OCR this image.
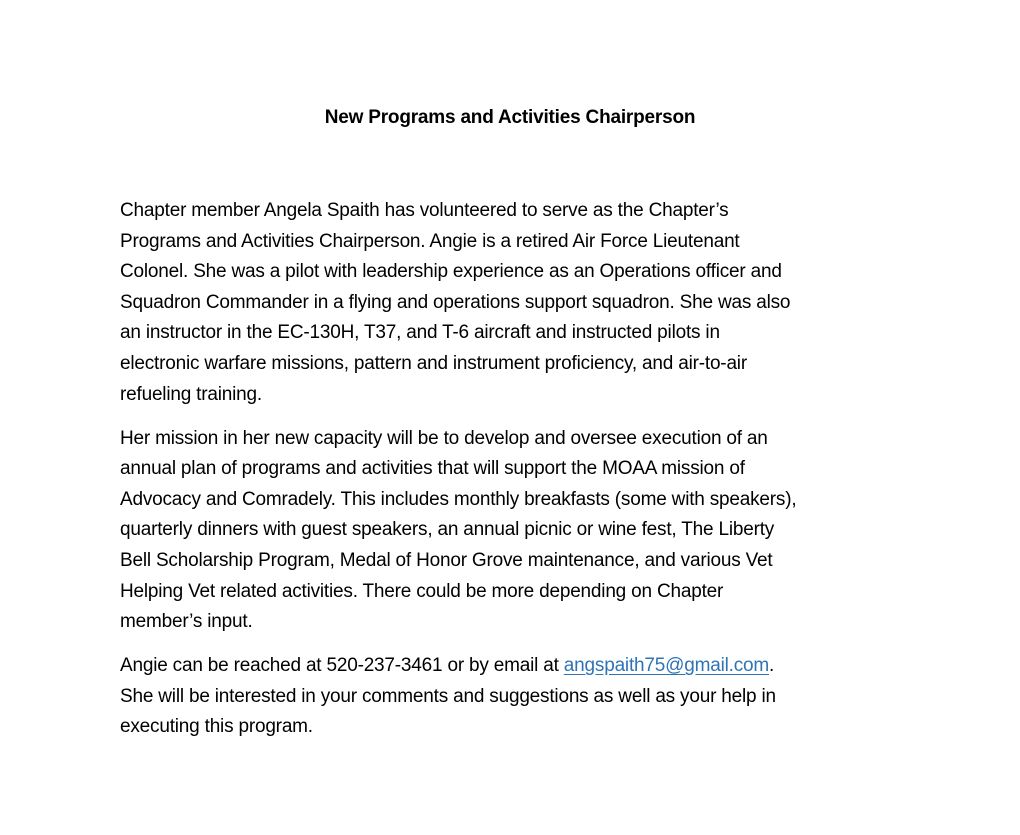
New Programs and Activities Chairperson

Chapter member Angela Spaith has volunteered to serve as the Chapter’s
Programs and Activities Chairperson. Angie is a retired Air Force Lieutenant
Colonel. She was a pilot with leadership experience as an Operations officer and
Squadron Commander in a flying and operations support squadron. She was also
an instructor in the EC-130H, T37, and T-6 aircraft and instructed pilots in
electronic warfare missions, pattern and instrument proficiency, and air-to-air
refueling training.

Her mission in her new capacity will be to develop and oversee execution of an
annual plan of programs and activities that will support the MOAA mission of
Advocacy and Comradely. This includes monthly breakfasts (some with speakers),
quarterly dinners with guest speakers, an annual picnic or wine fest, The Liberty
Bell Scholarship Program, Medal of Honor Grove maintenance, and various Vet
Helping Vet related activities. There could be more depending on Chapter
member’s input.

Angie can be reached at 520-237-3461 or by email at angspaith75@gmail.com.
She will be interested in your comments and suggestions as well as your help in
executing this program.
